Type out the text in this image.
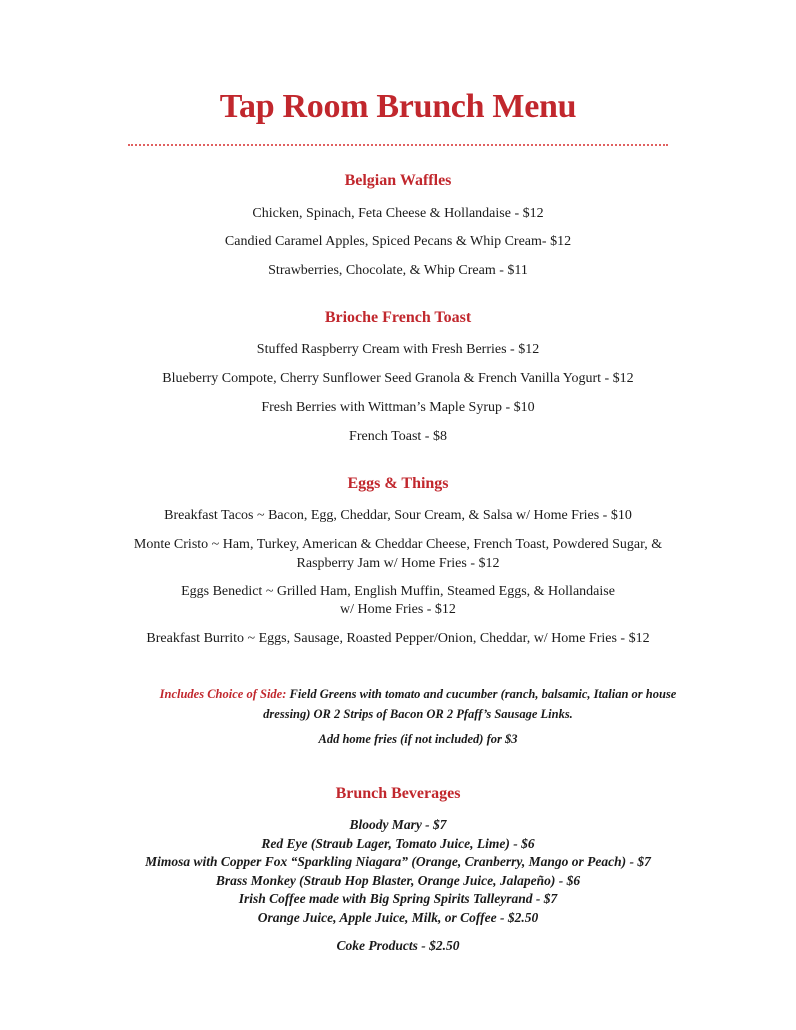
Tap Room Brunch Menu
Belgian Waffles
Chicken, Spinach, Feta Cheese & Hollandaise - $12
Candied Caramel Apples, Spiced Pecans & Whip Cream- $12
Strawberries, Chocolate, & Whip Cream - $11
Brioche French Toast
Stuffed Raspberry Cream with Fresh Berries - $12
Blueberry Compote, Cherry Sunflower Seed Granola & French Vanilla Yogurt - $12
Fresh Berries with Wittman’s Maple Syrup - $10
French Toast - $8
Eggs & Things
Breakfast Tacos ~ Bacon, Egg, Cheddar, Sour Cream, & Salsa w/ Home Fries - $10
Monte Cristo ~ Ham, Turkey, American & Cheddar Cheese, French Toast, Powdered Sugar, & Raspberry Jam w/ Home Fries - $12
Eggs Benedict ~ Grilled Ham, English Muffin, Steamed Eggs, & Hollandaise
w/ Home Fries - $12
Breakfast Burrito ~ Eggs, Sausage, Roasted Pepper/Onion, Cheddar, w/ Home Fries - $12
Includes Choice of Side: Field Greens with tomato and cucumber (ranch, balsamic, Italian or house dressing) OR 2 Strips of Bacon OR 2 Pfaff’s Sausage Links.
Add home fries (if not included) for $3
Brunch Beverages
Bloody Mary - $7
Red Eye (Straub Lager, Tomato Juice, Lime) - $6
Mimosa with Copper Fox “Sparkling Niagara” (Orange, Cranberry, Mango or Peach) - $7
Brass Monkey (Straub Hop Blaster, Orange Juice, Jalapeño) - $6
Irish Coffee made with Big Spring Spirits Talleyrand - $7
Orange Juice, Apple Juice, Milk, or Coffee - $2.50
Coke Products - $2.50
